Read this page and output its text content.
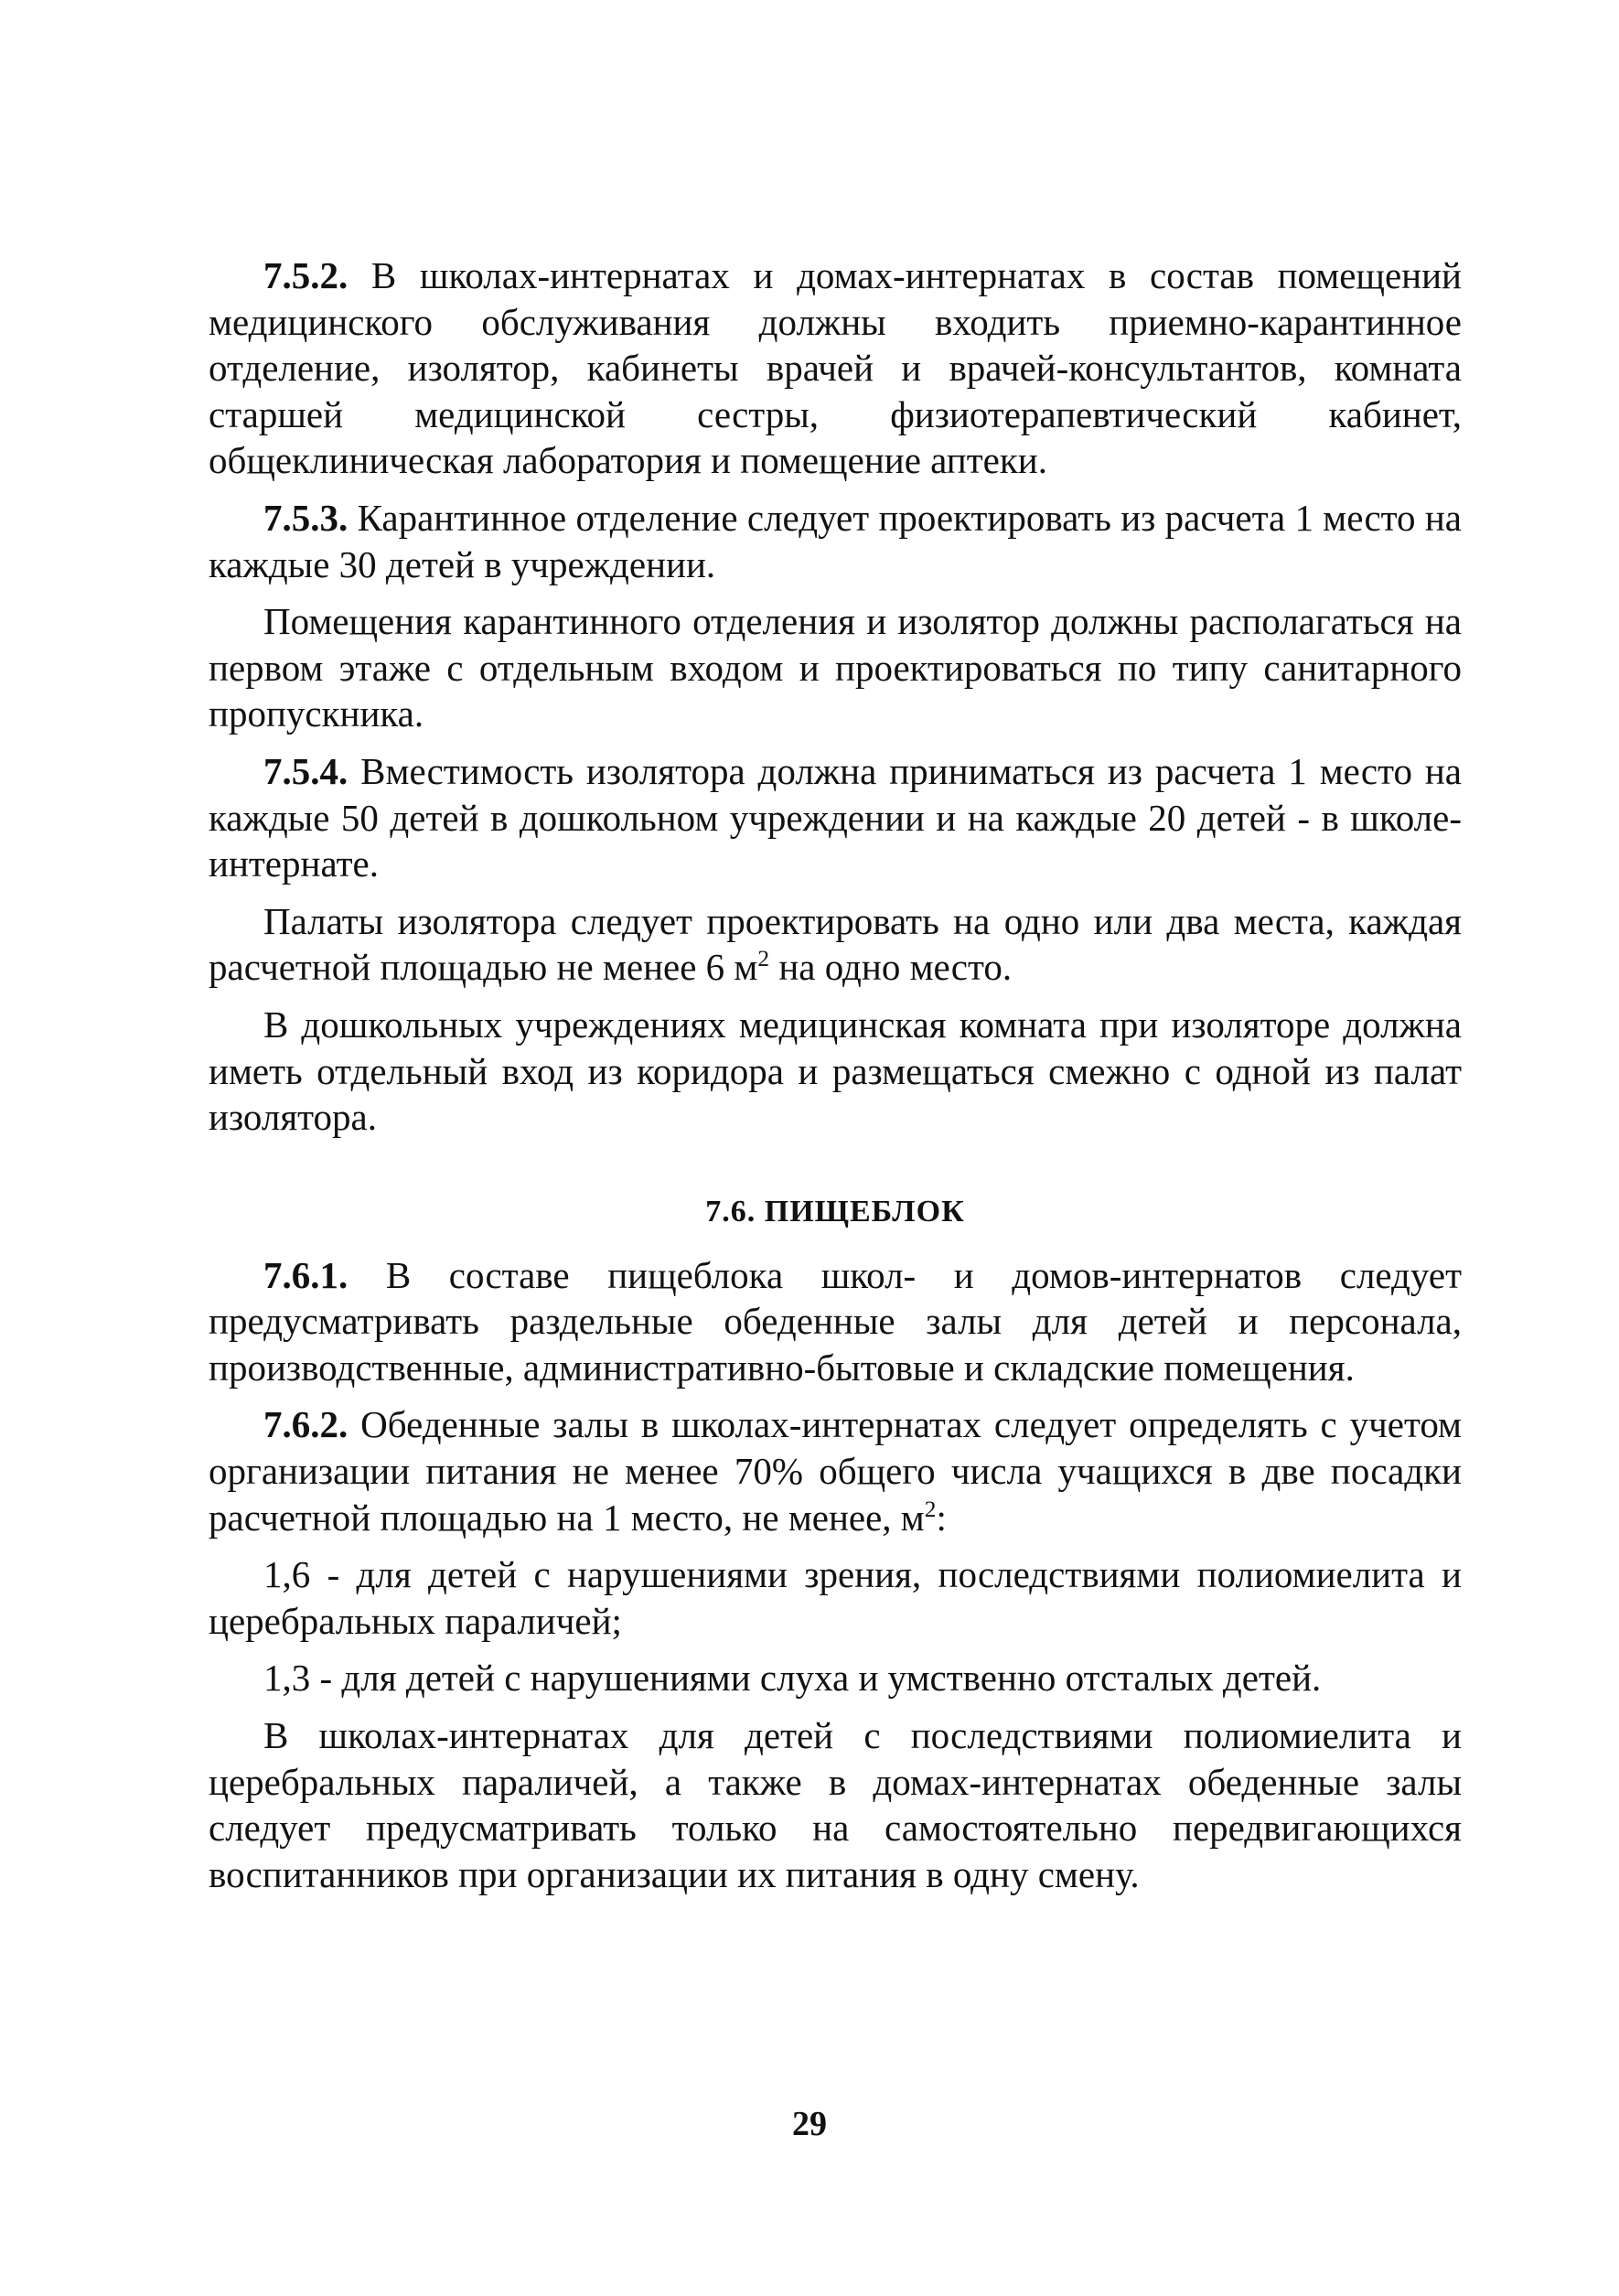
7.5.2. В школах-интернатах и домах-интернатах в состав помещений медицинского обслуживания должны входить приемно-карантинное отделение, изолятор, кабинеты врачей и врачей-консультантов, комната старшей медицинской сестры, физиотерапевтический кабинет, общеклиническая лаборатория и помещение аптеки.

7.5.3. Карантинное отделение следует проектировать из расчета 1 место на каждые 30 детей в учреждении.

Помещения карантинного отделения и изолятор должны располагаться на первом этаже с отдельным входом и проектироваться по типу санитарного пропускника.

7.5.4. Вместимость изолятора должна приниматься из расчета 1 место на каждые 50 детей в дошкольном учреждении и на каждые 20 детей - в школе-интернате.

Палаты изолятора следует проектировать на одно или два места, каждая расчетной площадью не менее 6 $м^2$ на одно место.

В дошкольных учреждениях медицинская комната при изоляторе должна иметь отдельный вход из коридора и размещаться смежно с одной из палат изолятора.

7.6. ПИЩЕБЛОК

7.6.1. В составе пищеблока школ- и домов-интернатов следует предусматривать раздельные обеденные залы для детей и персонала, производственные, административно-бытовые и складские помещения.

7.6.2. Обеденные залы в школах-интернатах следует определять с учетом организации питания не менее 70% общего числа учащихся в две посадки расчетной площадью на 1 место, не менее, $м^2$:

1,6 - для детей с нарушениями зрения, последствиями полиомиелита и церебральных параличей;

1,3 - для детей с нарушениями слуха и умственно отсталых детей.

В школах-интернатах для детей с последствиями полиомиелита и церебральных параличей, а также в домах-интернатах обеденные залы следует предусматривать только на самостоятельно передвигающихся воспитанников при организации их питания в одну смену.

29
